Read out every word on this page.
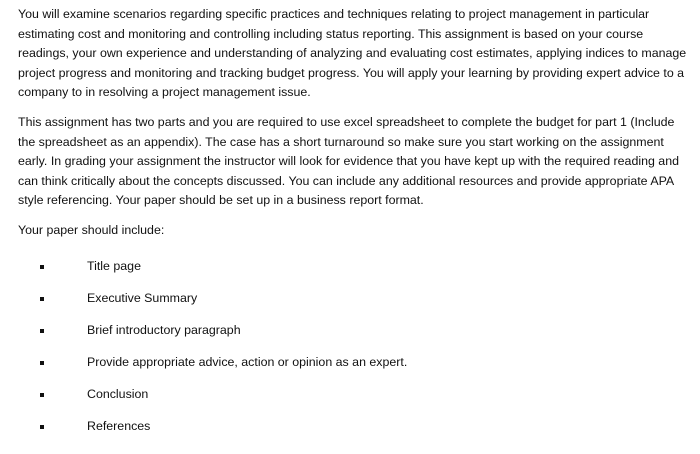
You will examine scenarios regarding specific practices and techniques relating to project management in particular estimating cost and monitoring and controlling including status reporting. This assignment is based on your course readings, your own experience and understanding of analyzing and evaluating cost estimates, applying indices to manage project progress and monitoring and tracking budget progress. You will apply your learning by providing expert advice to a company to in resolving a project management issue.

This assignment has two parts and you are required to use excel spreadsheet to complete the budget for part 1 (Include the spreadsheet as an appendix). The case has a short turnaround so make sure you start working on the assignment early. In grading your assignment the instructor will look for evidence that you have kept up with the required reading and can think critically about the concepts discussed. You can include any additional resources and provide appropriate APA style referencing. Your paper should be set up in a business report format.

Your paper should include:

Title page
Executive Summary
Brief introductory paragraph
Provide appropriate advice, action or opinion as an expert.
Conclusion
References
